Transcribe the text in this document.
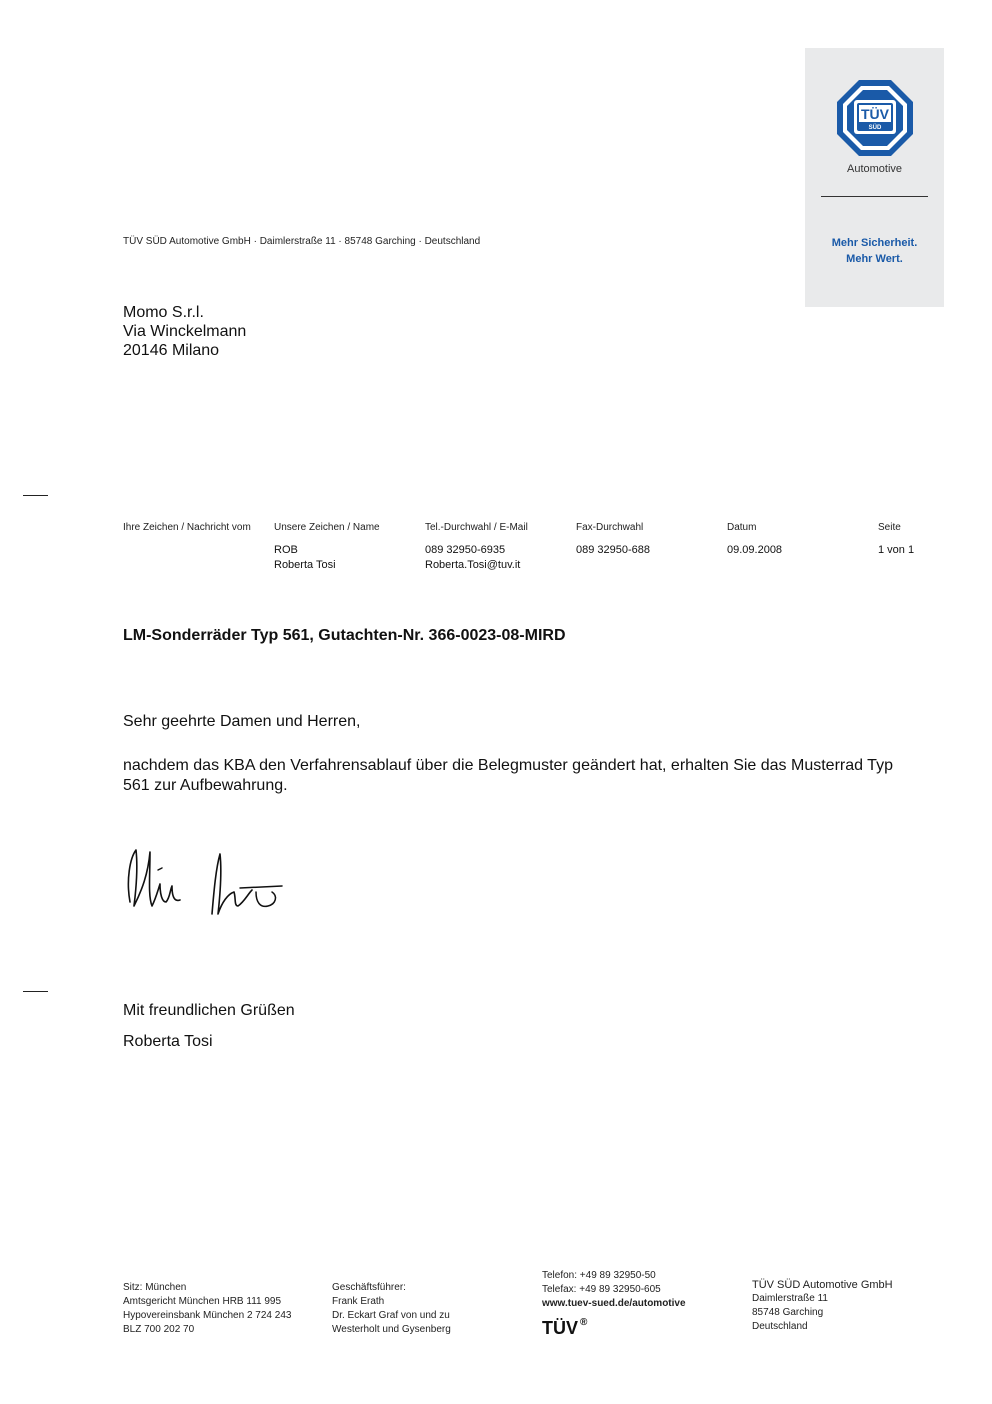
TÜV
SÜD
Automotive
Mehr Sicherheit.
Mehr Wert.
TÜV SÜD Automotive GmbH · Daimlerstraße 11 · 85748 Garching · Deutschland
Momo S.r.l.
Via Winckelmann
20146 Milano
Ihre Zeichen / Nachricht vom Unsere Zeichen / Name
ROB
Roberta Tosi
Tel.-Durchwahl / E-Mail
089 32950-6935
Roberta.Tosi@tuv.it
Fax-Durchwahl
089 32950-688
Datum
09.09.2008
Seite
1 von 1
LM-Sonderräder Typ 561, Gutachten-Nr. 366-0023-08-MIRD
Sehr geehrte Damen und Herren,
nachdem das KBA den Verfahrensablauf über die Belegmuster geändert hat, erhalten Sie das Musterrad Typ 561 zur Aufbewahrung.
Mit freundlichen Grüßen
Roberta Tosi
Sitz: München
Amtsgericht München HRB 111 995
Hypovereinsbank München 2 724 243
BLZ 700 202 70
Geschäftsführer:
Frank Erath
Dr. Eckart Graf von und zu
Westerholt und Gysenberg
Telefon: +49 89 32950-50
Telefax: +49 89 32950-605
www.tuev-sued.de/automotive
TÜV ®
TÜV SÜD Automotive GmbH
Daimlerstraße 11
85748 Garching
Deutschland
